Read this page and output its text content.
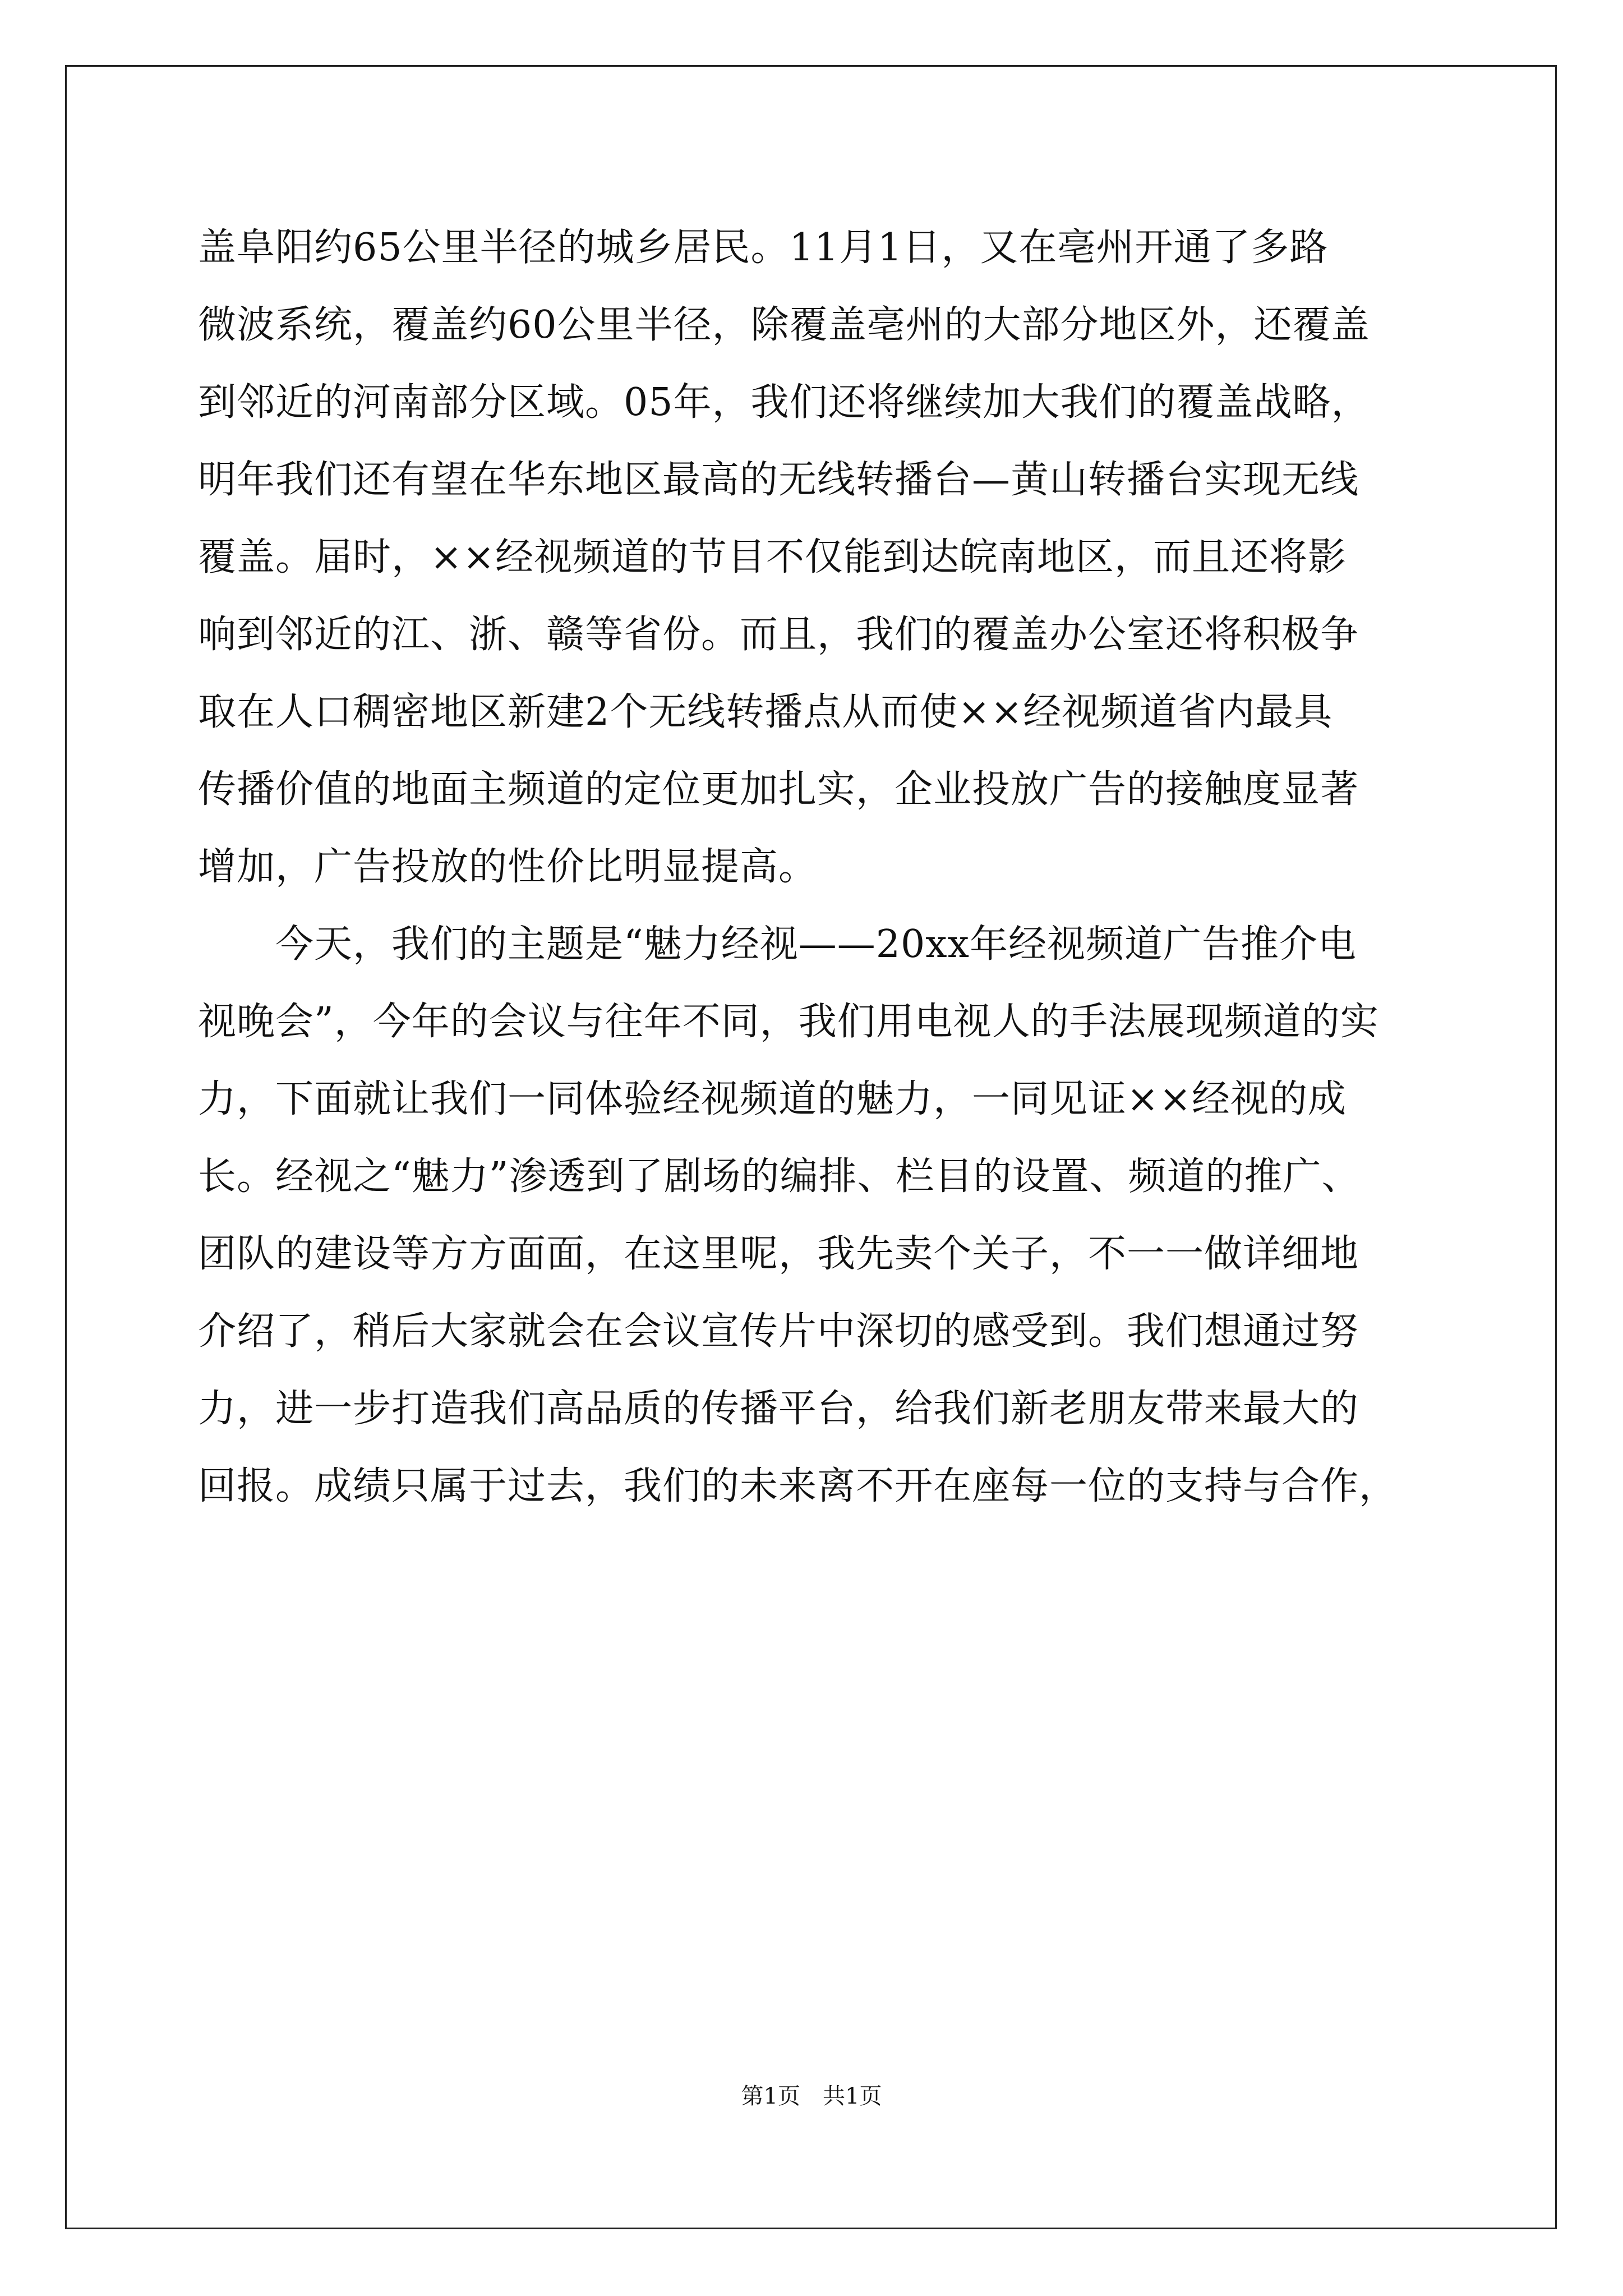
盖阜阳约65公里半径的城乡居民。11月1日，又在亳州开通了多路
微波系统，覆盖约60公里半径，除覆盖亳州的大部分地区外，还覆盖
到邻近的河南部分区域。05年，我们还将继续加大我们的覆盖战略，
明年我们还有望在华东地区最高的无线转播台—黄山转播台实现无线
覆盖。届时，××经视频道的节目不仅能到达皖南地区，而且还将影
响到邻近的江、浙、赣等省份。而且，我们的覆盖办公室还将积极争
取在人口稠密地区新建2个无线转播点从而使××经视频道省内最具
传播价值的地面主频道的定位更加扎实，企业投放广告的接触度显著
增加，广告投放的性价比明显提高。
　　今天，我们的主题是“魅力经视——20xx年经视频道广告推介电
视晚会”，今年的会议与往年不同，我们用电视人的手法展现频道的实
力，下面就让我们一同体验经视频道的魅力，一同见证××经视的成
长。经视之“魅力”渗透到了剧场的编排、栏目的设置、频道的推广、
团队的建设等方方面面，在这里呢，我先卖个关子，不一一做详细地
介绍了，稍后大家就会在会议宣传片中深切的感受到。我们想通过努
力，进一步打造我们高品质的传播平台，给我们新老朋友带来最大的
回报。成绩只属于过去，我们的未来离不开在座每一位的支持与合作，
第1页　共1页
